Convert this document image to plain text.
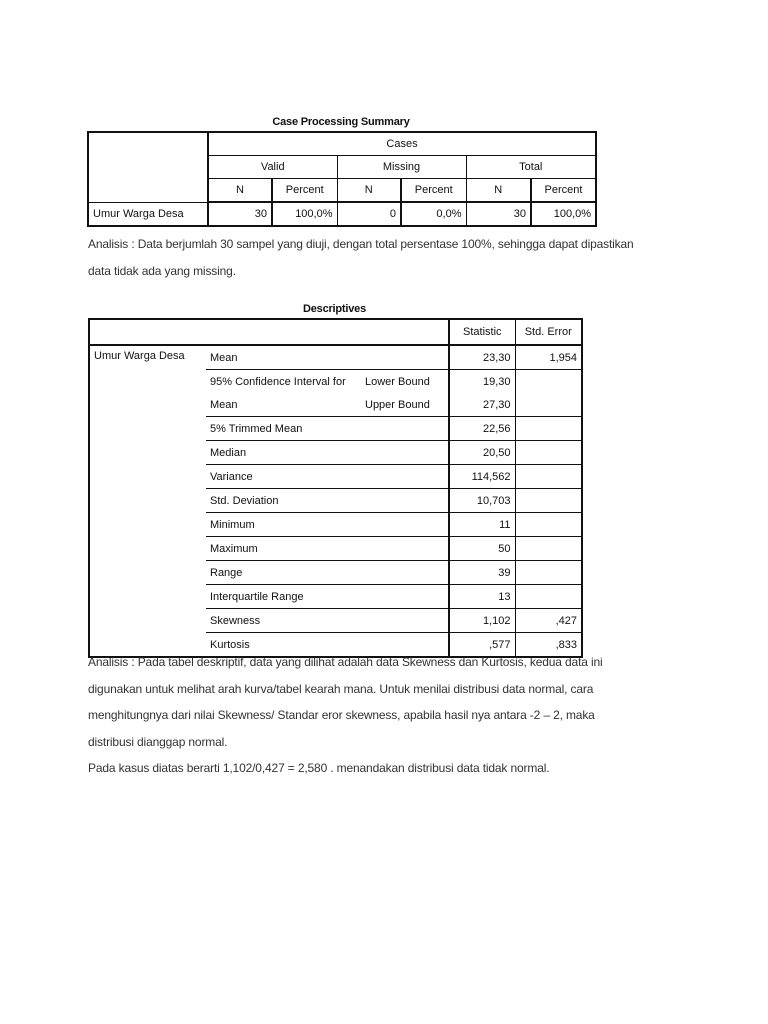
Case Processing Summary
	Cases					
	Valid		Missing		Total	
	N	Percent	N	Percent	N	Percent
Umur Warga Desa	30	100,0%	0	0,0%	30	100,0%

Analisis : Data berjumlah 30 sampel yang diuji, dengan total persentase 100%, sehingga dapat dipastikan

data tidak ada yang missing.

Descriptives
			Statistic	Std. Error
Umur Warga Desa	Mean		23,30	1,954
	95% Confidence Interval for	Lower Bound	19,30	
	Mean	Upper Bound	27,30	
	5% Trimmed Mean		22,56	
	Median		20,50	
	Variance		114,562	
	Std. Deviation		10,703	
	Minimum		11	
	Maximum		50	
	Range		39	
	Interquartile Range		13	
	Skewness		1,102	,427
	Kurtosis		,577	,833

Analisis : Pada tabel deskriptif, data yang dilihat adalah data Skewness dan Kurtosis, kedua data ini

digunakan untuk melihat arah kurva/tabel kearah mana. Untuk menilai distribusi data normal, cara

menghitungnya dari nilai Skewness/ Standar eror skewness, apabila hasil nya antara -2 – 2, maka

distribusi dianggap normal.

Pada kasus diatas berarti 1,102/0,427 = 2,580 . menandakan distribusi data tidak normal.
